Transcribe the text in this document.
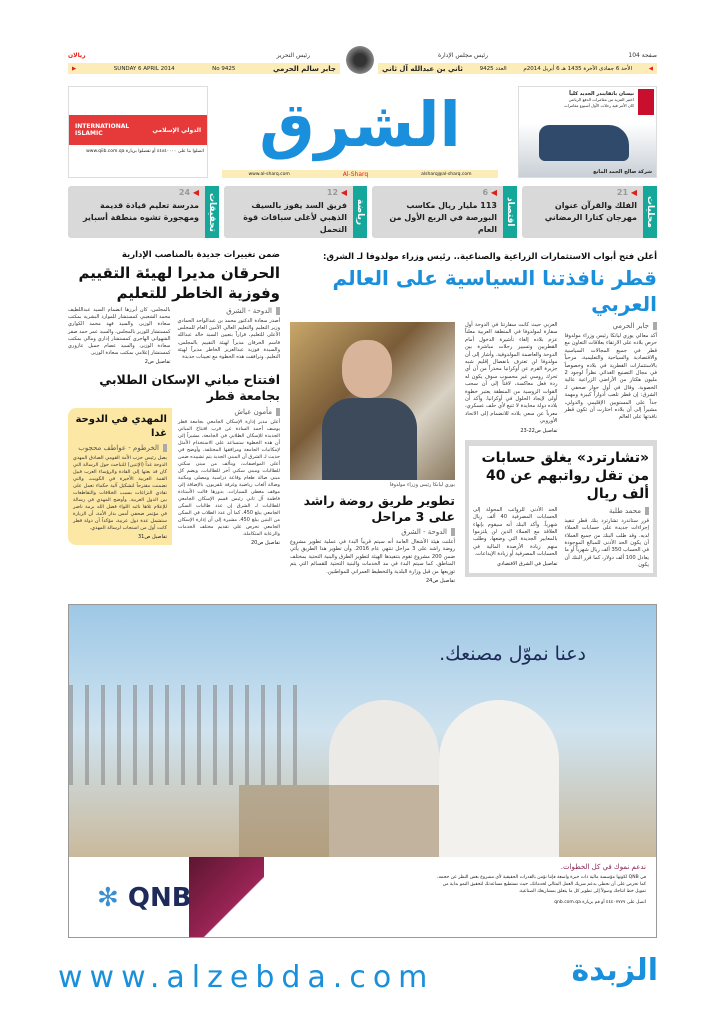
صفحة 104
رئيس مجلس الإدارة
رئيس التحرير
ريالان
▶	SUNDAY 6 APRIL 2014	No 9425	جابر سالم الحرمي	◀
الأحد 6 جمادى الآخرة 1435 هـ 6 أبريل 2014م
العدد 9425
ثاني بن عبدالله آل ثاني
INTERNATIONAL ISLAMIC	الدولي الإسلامي
اتصلوا بنا على ٤٤٨٤٠٠٠٠ أو تفضلوا بزيارة www.qiib.com.qa الشرق
www.al-sharq.com	Al-Sharq	alsharq@al-sharq.com
نيسان باثفايندر الجديد كلياً
اختبر المزيد من مغامرات الدفع الرباعي
كان الأمر فيه رحلات الأول أسبوع مغامرات
شركة صالح الحمد المانع
محليات
21 ◀
الفلك والقرآن عنوان مهرجان كتارا الرمضاني
اقتصاد
6 ◀
113 مليار ريال مكاسب البورصة في الربع الأول من العام
رياضة
12 ◀
فريق السد يفوز بالسيف الذهبي لأغلى سباقات قوة التحمل
تحقيقات
24 ◀
مدرسة تعليم قيادة قديمة ومهجورة تشوه منطقة أسباير
أعلن فتح أبواب الاستثمارات الزراعية والصناعية.. رئيس وزراء مولدوفا لـ الشرق:
قطر نافذتنا السياسية على العالم العربي
جابر الحرمي
أكد معالي يوري ليانكا رئيس وزراء مولدوفا حرص بلاده على الارتقاء بعلاقات التعاون مع قطر في جميع المجالات السياسية والاقتصادية والسياحية والتعليمية، مرحباً بالاستثمارات القطرية في بلاده وخصوصاً في مجال التصنيع الغذائي نظراً لوجود 2 مليون هكتار من الأراضي الزراعية عالية الخصوبة. وقال في أول حوار صحفي لـ الشرق: إن قطر تلعب أدواراً كبيرة ومهمة جداً على المستويين الإقليمي والدولي، مشيراً إلى أن بلاده اختارت أن تكون قطر نافذتها على العالم
العربي حيث كانت سفارتنا في الدوحة أول سفارة لمولدوفا في المنطقة العربية معلناً عزم بلاده إلغاء تأشيرة الدخول أمام القطريين وتسيير رحلات مباشرة بين الدوحة والعاصمة المولدوفية. وأشار إلى أن مولدوفا لن تعترف بانفصال إقليم شبه جزيرة القرم عن أوكرانيا محذراً من أن أي تحرك روسي غير محسوب سوف يكون له ردة فعل معاكسة، لافتاً إلى أن سحب القوات الروسية من المنطقة يعتبر خطوة أولى لإيجاد الحلول في أوكرانيا. وأكد أن بلاده دولة محايدة لا تتبع لأي حلف عسكري، معرباً عن سعي بلاده للانضمام إلى الاتحاد الأوروبي
تفاصيل ص22-23
«تشارترد» يغلق حسابات من تقل رواتبهم عن 40 ألف ريال
محمد طلبة
قرر ستاندرد تشارترد بنك قطر تنفيذ إجراءات جديدة على حسابات العملاء لديه. وقد طلب البنك من جميع العملاء أن يكون الحد الأدنى للمبالغ الموجودة في الحساب 350 ألف ريال شهرياً أو ما يعادل 100 ألف دولار، كما قرر البنك أن يكون
الحد الأدنى للرواتب المحولة إلى الحسابات المصرفية 40 ألف ريال شهرياً. وأكد البنك أنه سيقوم بإنهاء العلاقة مع العملاء الذين لن يلتزموا بالمعايير الجديدة التي وضعها، وطلب منهم زيادة الأرصدة المالية في الحسابات المصرفية أو زيادة الإيداعات.
تفاصيل في الشرق الاقتصادي
يوري ليانكا رئيس وزراء مولدوفا
تطوير طريق روضة راشد على 3 مراحل
الدوحة - الشرق
أعلنت هيئة الأشغال العامة أنه سيتم قريباً البدء في عملية تطوير مشروع روضة راشد على 3 مراحل تنتهي عام 2016. وأن تطوير هذا الطريق يأتي ضمن 200 مشروع تقوم بتنفيذها الهيئة لتطوير الطرق والبنية التحتية بمختلف المناطق. كما سيتم البدء في مد الخدمات والبنية التحتية للقسائم التي يتم توزيعها من قبل وزارة البلدية والتخطيط العمراني للمواطنين.
تفاصيل ص24
ضمن تغييرات جديدة بالمناصب الإدارية
الحرقان مديرا لهيئة التقييم وفوزية الخاطر للتعليم
الدوحة - الشرق
أصدر سعادة الدكتور محمد بن عبدالواحد الحمادي وزير التعليم والتعليم العالي الأمين العام للمجلس الأعلى للتعليم، قراراً بتعيين السيد خالد عبدالله قاسم الحرقان مديراً لهيئة التقييم بالمجلس، والسيدة فوزية عبدالعزيز الخاطر مديراً لهيئة التعليم. وترافقت هذه الخطوة مع تعيينات جديدة
بالمجلس، كان أبرزها انضمام السيد عبداللطيف محمد الشعيبي كمستشار للموارد البشرية بمكتب سعادة الوزير، والسيد فهد محمد الكواري كمستشار للوزير بالمجلس، والسيد عمر حمد صقر الشهواني الهاجري كمستشار إداري ومالي بمكتب سعادة الوزير، والسيد عصام جميل عازوري كمستشار إعلامي بمكتب سعادة الوزير.
تفاصيل ص2
افتتاح مباني الإسكان الطلابي بجامعة قطر
مأمون عياش
أعلن مدير إدارة الإسكان الجامعي بجامعة قطر يوسف أحمد السادة عن قرب افتتاح المباني الجديدة للإسكان الطلابي في الجامعة، مشيراً إلى أن هذه الخطوة ستساعد على الاستخدام الأمثل لإمكانيات الجامعة ومرافقها المختلفة. وأوضح في حديث لـ الشرق أن المبنى الجديد يتم تشييده ضمن أعلى المواصفات، ويتألف من مبنى سكني للطالبات ومبنى سكني آخر للطالبات، ويضم كل مبنى صالة طعام وقاعة دراسية ومصلى ومكتبة وصالة ألعاب رياضية وغرفة تلفزيون، بالإضافة إلى موقف مغطى للسيارات. بدورها قالت الأستاذة فاطمة آل ثاني رئيس قسم الإسكان الجامعي للطالبات لـ الشرق إن عدد طالبات السكن الجامعي يبلغ 450، كما أن عدد الطلاب في السكن من البنين يبلغ 450، مشيرة إلى أن إدارة الإسكان الجامعي تحرص على تقديم مختلف الخدمات والرعاية المتكاملة.
تفاصيل ص20
المهدي في الدوحة غدا
الخرطوم - عواطف محجوب
يصل رئيس حزب الأمة القومي الصادق المهدي الدوحة غداً (الإثنين) للتباحث حول الرسالة التي كان قد بعثها إلى القادة والرؤساء العرب قبيل القمة العربية الأخيرة في الكويت، والتي تضمنت مقترحاً لتشكيل آلية حكماء تعمل على تفادي النزاعات بسبب الخلافات والتقاطعات بين الدول العربية. وأوضح المهدي في رسالة للإعلام تلاها نائبه اللواء فضل الله برمة ناصر في مؤتمر صحفي أمس بدار الأمة، أن الزيارة ستشمل عدة دول عربية، مؤكداً أن دولة قطر كانت أول من استجاب لرسالة المهدي.
تفاصيل ص31
دعنا نموّل مصنعك.
✻ QNB
ندعم نموك في كل الخطوات.
في QNB لكونها مؤسسة مالية ذات خبرة واسعة فإننا نؤمن بالقدرات الحقيقية لأي مشروع بغض النظر عن حجمه، كما نحرص على أن نحظى بدعم شريك العمل المثالي لخدماتك، حيث نستطيع مساعدتك لتحقيق النمو بداية من تمويل خط انتاجك وصولاً إلى تطوير كل ما يتعلق بمشاريعك الصناعية.
اتصل على ٤٤٤٠٧٧٧٧ أو قم بزيارة qnb.com.qa
www.alzebda.com	الزبدة
